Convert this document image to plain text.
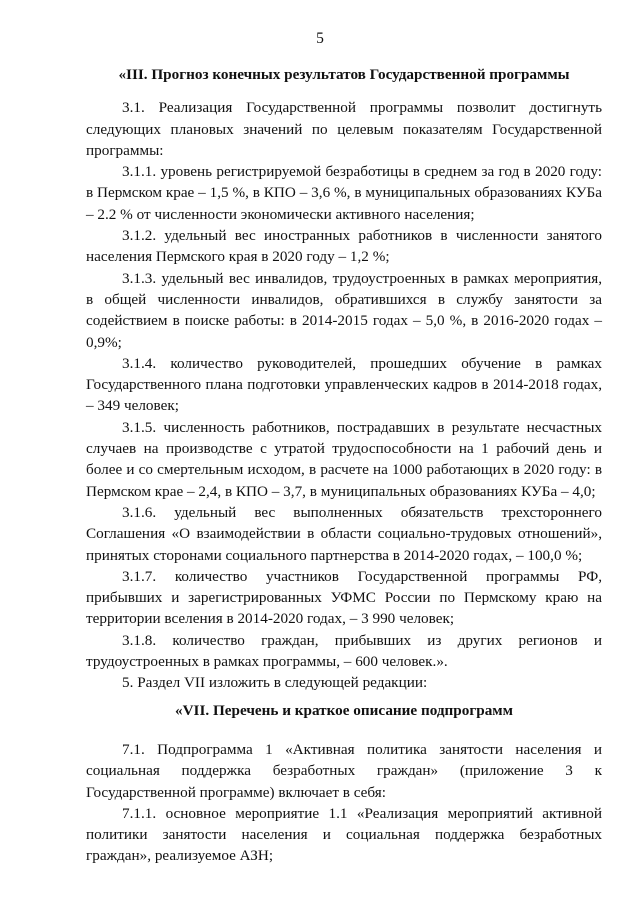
5

«III. Прогноз конечных результатов Государственной программы

3.1. Реализация Государственной программы позволит достигнуть следующих плановых значений по целевым показателям Государственной программы:

3.1.1. уровень регистрируемой безработицы в среднем за год в 2020 году: в Пермском крае – 1,5 %, в КПО – 3,6 %, в муниципальных образованиях КУБа – 2.2 % от численности экономически активного населения;

3.1.2. удельный вес иностранных работников в численности занятого населения Пермского края в 2020 году – 1,2 %;

3.1.3. удельный вес инвалидов, трудоустроенных в рамках мероприятия, в общей численности инвалидов, обратившихся в службу занятости за содействием в поиске работы: в 2014-2015 годах – 5,0 %, в 2016-2020 годах – 0,9%;

3.1.4. количество руководителей, прошедших обучение в рамках Государственного плана подготовки управленческих кадров в 2014-2018 годах, – 349 человек;

3.1.5. численность работников, пострадавших в результате несчастных случаев на производстве с утратой трудоспособности на 1 рабочий день и более и со смертельным исходом, в расчете на 1000 работающих в 2020 году: в Пермском крае – 2,4, в КПО – 3,7, в муниципальных образованиях КУБа – 4,0;

3.1.6. удельный вес выполненных обязательств трехстороннего Соглашения «О взаимодействии в области социально-трудовых отношений», принятых сторонами социального партнерства в 2014-2020 годах, – 100,0 %;

3.1.7. количество участников Государственной программы РФ, прибывших и зарегистрированных УФМС России по Пермскому краю на территории вселения в 2014-2020 годах, – 3 990 человек;

3.1.8. количество граждан, прибывших из других регионов и трудоустроенных в рамках программы, – 600 человек.».

5. Раздел VII изложить в следующей редакции:

«VII. Перечень и краткое описание подпрограмм

7.1. Подпрограмма 1 «Активная политика занятости населения и социальная поддержка безработных граждан» (приложение 3 к Государственной программе) включает в себя:

7.1.1. основное мероприятие 1.1 «Реализация мероприятий активной политики занятости населения и социальная поддержка безработных граждан», реализуемое АЗН;
